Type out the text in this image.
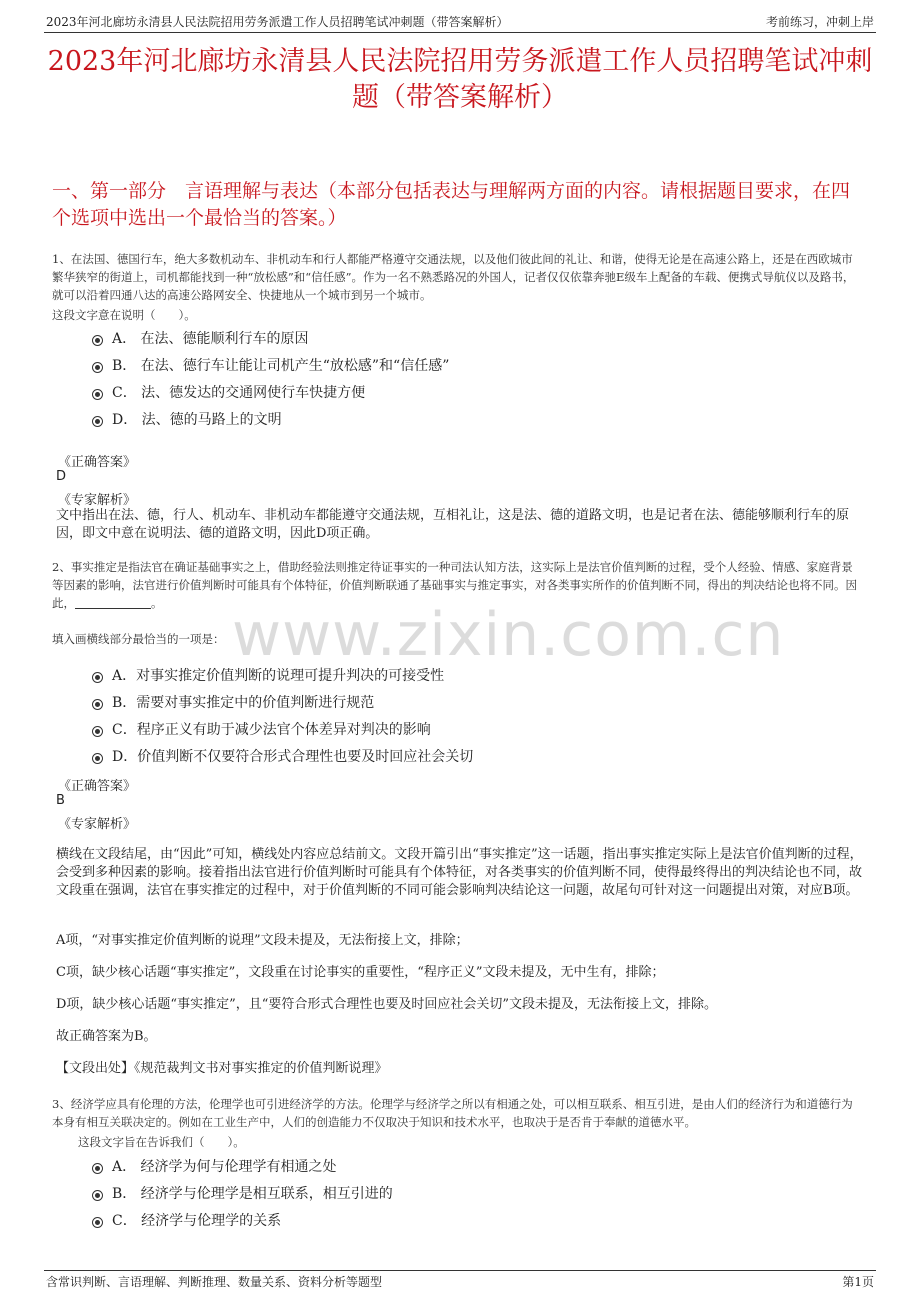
2023年河北廊坊永清县人民法院招用劳务派遣工作人员招聘笔试冲刺题（带答案解析）	考前练习，冲刺上岸
2023年河北廊坊永清县人民法院招用劳务派遣工作人员招聘笔试冲刺题（带答案解析）
一、第一部分　言语理解与表达（本部分包括表达与理解两方面的内容。请根据题目要求，在四个选项中选出一个最恰当的答案。）
1、在法国、德国行车，绝大多数机动车、非机动车和行人都能严格遵守交通法规，以及他们彼此间的礼让、和谐，使得无论是在高速公路上，还是在西欧城市繁华狭窄的街道上，司机都能找到一种“放松感”和“信任感”。作为一名不熟悉路况的外国人，记者仅仅依靠奔驰E级车上配备的车载、便携式导航仪以及路书，就可以沿着四通八达的高速公路网安全、快捷地从一个城市到另一个城市。
这段文字意在说明（　　）。
A． 在法、德能顺利行车的原因
B． 在法、德行车让能让司机产生“放松感”和“信任感”
C． 法、德发达的交通网使行车快捷方便
D． 法、德的马路上的文明
《正确答案》
D
《专家解析》
文中指出在法、德，行人、机动车、非机动车都能遵守交通法规，互相礼让，这是法、德的道路文明，也是记者在法、德能够顺利行车的原因，即文中意在说明法、德的道路文明，因此D项正确。
2、事实推定是指法官在确证基础事实之上，借助经验法则推定待证事实的一种司法认知方法，这实际上是法官价值判断的过程，受个人经验、情感、家庭背景等因素的影响，法官进行价值判断时可能具有个体特征，价值判断联通了基础事实与推定事实，对各类事实所作的价值判断不同，得出的判决结论也将不同。因此，	。
填入画横线部分最恰当的一项是：
A．对事实推定价值判断的说理可提升判决的可接受性
B．需要对事实推定中的价值判断进行规范
C．程序正义有助于减少法官个体差异对判决的影响
D．价值判断不仅要符合形式合理性也要及时回应社会关切
《正确答案》
B
《专家解析》
横线在文段结尾，由“因此”可知，横线处内容应总结前文。文段开篇引出“事实推定”这一话题，指出事实推定实际上是法官价值判断的过程，会受到多种因素的影响。接着指出法官进行价值判断时可能具有个体特征，对各类事实的价值判断不同，使得最终得出的判决结论也不同，故文段重在强调，法官在事实推定的过程中，对于价值判断的不同可能会影响判决结论这一问题，故尾句可针对这一问题提出对策，对应B项。
A项，“对事实推定价值判断的说理”文段未提及，无法衔接上文，排除；
C项，缺少核心话题“事实推定”，文段重在讨论事实的重要性，“程序正义”文段未提及，无中生有，排除；
D项，缺少核心话题“事实推定”，且“要符合形式合理性也要及时回应社会关切”文段未提及，无法衔接上文，排除。
故正确答案为B。
【文段出处】《规范裁判文书对事实推定的价值判断说理》
3、经济学应具有伦理的方法，伦理学也可引进经济学的方法。伦理学与经济学之所以有相通之处，可以相互联系、相互引进，是由人们的经济行为和道德行为本身有相互关联决定的。例如在工业生产中，人们的创造能力不仅取决于知识和技术水平，也取决于是否肯于奉献的道德水平。
这段文字旨在告诉我们（　　）。
A． 经济学为何与伦理学有相通之处
B． 经济学与伦理学是相互联系，相互引进的
C． 经济学与伦理学的关系
www.zixin.com.cn
含常识判断、言语理解、判断推理、数量关系、资料分析等题型	第1页
